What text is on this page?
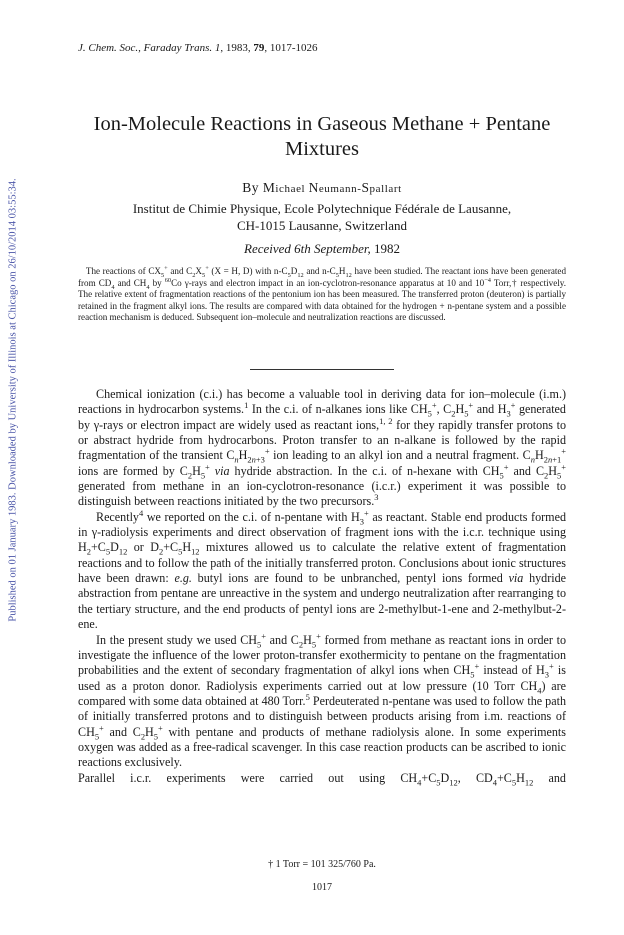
Published on 01 January 1983. Downloaded by University of Illinois at Chicago on 26/10/2014 03:55:34.
J. Chem. Soc., Faraday Trans. 1, 1983, 79, 1017-1026
Ion-Molecule Reactions in Gaseous Methane + Pentane
Mixtures
By Michael Neumann-Spallart
Institut de Chimie Physique, Ecole Polytechnique Fédérale de Lausanne,
CH-1015 Lausanne, Switzerland
Received 6th September, 1982
The reactions of $CX_5^+$ and $C_2X_5^+$ (X = H, D) with $n-C_5D_{12}$ and $n-C_5H_{12}$ have been studied. The reactant ions have been generated from $CD_4$ and $CH_4$ by $^{60}$Co γ-rays and electron impact in an ion-cyclotron-resonance apparatus at 10 and $10^{-4}$ Torr,† respectively. The relative extent of fragmentation reactions of the pentonium ion has been measured. The transferred proton (deuteron) is partially retained in the fragment alkyl ions. The results are compared with data obtained for the hydrogen + n-pentane system and a possible reaction mechanism is deduced. Subsequent ion–molecule and neutralization reactions are discussed.

Chemical ionization (c.i.) has become a valuable tool in deriving data for ion–molecule (i.m.) reactions in hydrocarbon systems.$^1$ In the c.i. of n-alkanes ions like $CH_5^+$, $C_2H_5^+$ and $H_3^+$ generated by γ-rays or electron impact are widely used as reactant ions,$^{1, 2}$ for they rapidly transfer protons to or abstract hydride from hydrocarbons. Proton transfer to an n-alkane is followed by the rapid fragmentation of the transient $C_nH_{2n+3}^+$ ion leading to an alkyl ion and a neutral fragment. $C_nH_{2n+1}^+$ ions are formed by $C_2H_5^+$ via hydride abstraction. In the c.i. of n-hexane with $CH_5^+$ and $C_2H_5^+$ generated from methane in an ion-cyclotron-resonance (i.c.r.) experiment it was possible to distinguish between reactions initiated by the two precursors.$^3$

Recently$^4$ we reported on the c.i. of n-pentane with $H_3^+$ as reactant. Stable end products formed in γ-radiolysis experiments and direct observation of fragment ions with the i.c.r. technique using $H_2+C_5D_{12}$ or $D_2+C_5H_{12}$ mixtures allowed us to calculate the relative extent of fragmentation reactions and to follow the path of the initially transferred proton. Conclusions about ionic structures have been drawn: e.g. butyl ions are found to be unbranched, pentyl ions formed via hydride abstraction from pentane are unreactive in the system and undergo neutralization after rearranging to the tertiary structure, and the end products of pentyl ions are 2-methylbut-1-ene and 2-methylbut-2-ene.

In the present study we used $CH_5^+$ and $C_2H_5^+$ formed from methane as reactant ions in order to investigate the influence of the lower proton-transfer exothermicity to pentane on the fragmentation probabilities and the extent of secondary fragmentation of alkyl ions when $CH_5^+$ instead of $H_3^+$ is used as a proton donor. Radiolysis experiments carried out at low pressure (10 Torr $CH_4$) are compared with some data obtained at 480 Torr.$^5$ Perdeuterated n-pentane was used to follow the path of initially transferred protons and to distinguish between products arising from i.m. reactions of $CH_5^+$ and $C_2H_5^+$ with pentane and products of methane radiolysis alone. In some experiments oxygen was added as a free-radical scavenger. In this case reaction products can be ascribed to ionic reactions exclusively.

Parallel i.c.r. experiments were carried out using $CH_4+C_5D_{12}$, $CD_4+C_5H_{12}$ and

† 1 Torr = 101 325/760 Pa.
1017
